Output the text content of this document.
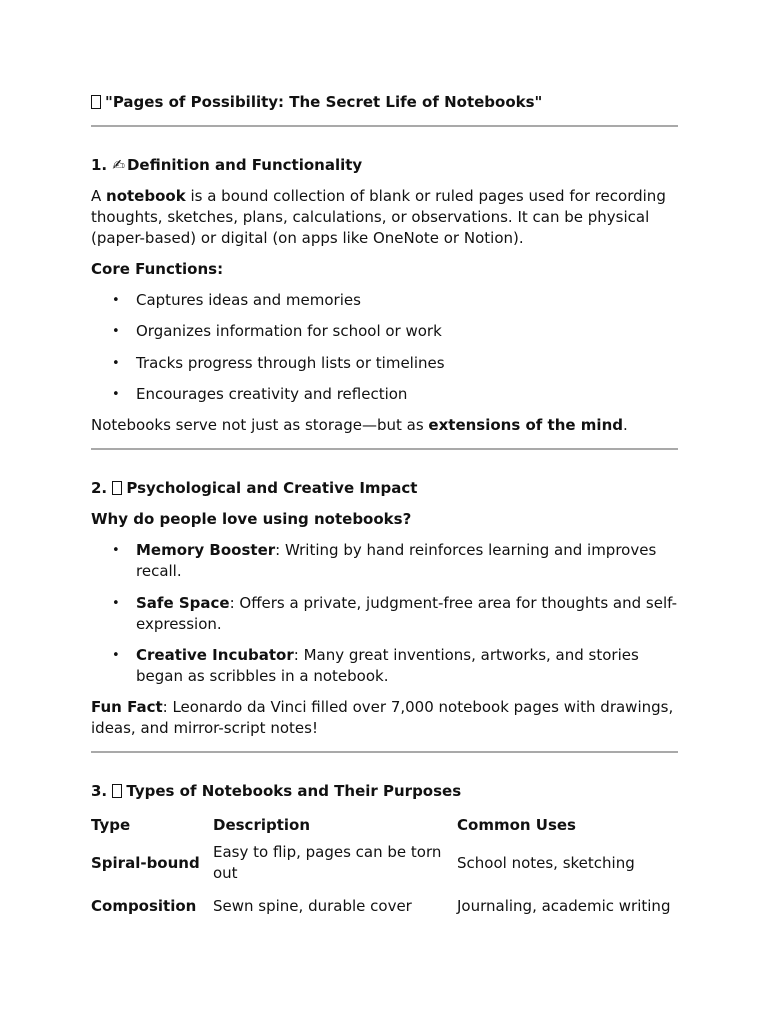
"Pages of Possibility: The Secret Life of Notebooks"

1. ✍ Definition and Functionality

A notebook is a bound collection of blank or ruled pages used for recording thoughts, sketches, plans, calculations, or observations. It can be physical (paper-based) or digital (on apps like OneNote or Notion).

Core Functions:

• Captures ideas and memories
• Organizes information for school or work
• Tracks progress through lists or timelines
• Encourages creativity and reflection

Notebooks serve not just as storage—but as extensions of the mind.

2. Psychological and Creative Impact

Why do people love using notebooks?

• Memory Booster: Writing by hand reinforces learning and improves recall.
• Safe Space: Offers a private, judgment-free area for thoughts and self-expression.
• Creative Incubator: Many great inventions, artworks, and stories began as scribbles in a notebook.

Fun Fact: Leonardo da Vinci filled over 7,000 notebook pages with drawings, ideas, and mirror-script notes!

3. Types of Notebooks and Their Purposes
Type	Description	Common Uses
Spiral-bound	Easy to flip, pages can be torn out	School notes, sketching
Composition	Sewn spine, durable cover	Journaling, academic writing
